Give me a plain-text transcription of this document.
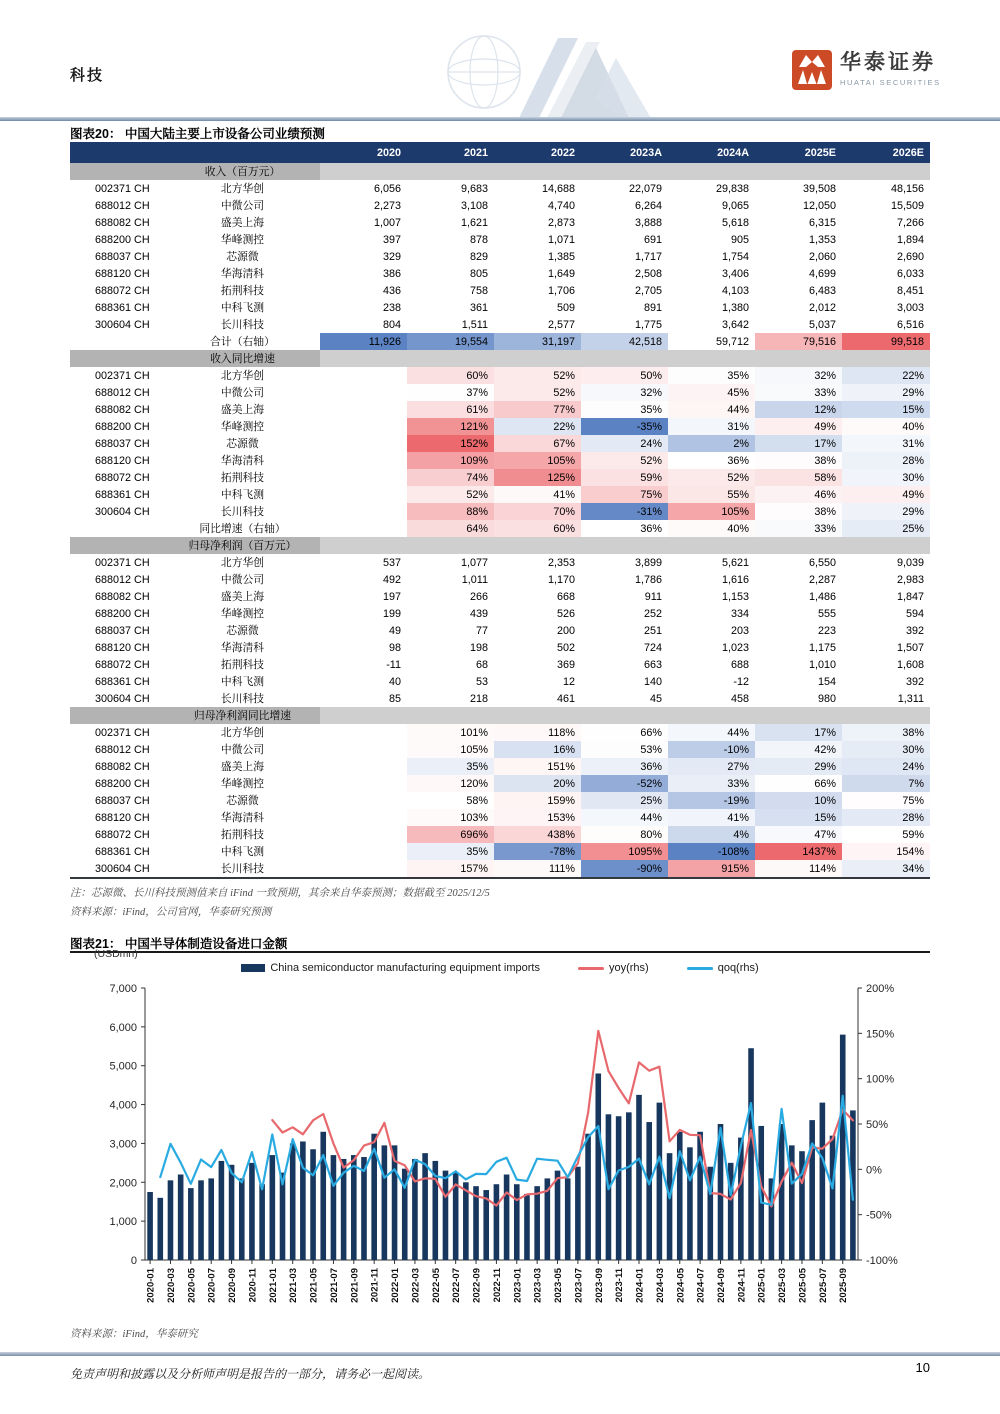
科技
华泰证券
HUATAI SECURITIES
图表20： 中国大陆主要上市设备公司业绩预测
		2020	2021	2022	2023A	2024A	2025E	2026E
	收入（百万元）							
002371 CH	北方华创	6,056	9,683	14,688	22,079	29,838	39,508	48,156
688012 CH	中微公司	2,273	3,108	4,740	6,264	9,065	12,050	15,509
688082 CH	盛美上海	1,007	1,621	2,873	3,888	5,618	6,315	7,266
688200 CH	华峰测控	397	878	1,071	691	905	1,353	1,894
688037 CH	芯源微	329	829	1,385	1,717	1,754	2,060	2,690
688120 CH	华海清科	386	805	1,649	2,508	3,406	4,699	6,033
688072 CH	拓荆科技	436	758	1,706	2,705	4,103	6,483	8,451
688361 CH	中科飞测	238	361	509	891	1,380	2,012	3,003
300604 CH	长川科技	804	1,511	2,577	1,775	3,642	5,037	6,516
	合计（右轴）	11,926	19,554	31,197	42,518	59,712	79,516	99,518
	收入同比增速							
002371 CH	北方华创		60%	52%	50%	35%	32%	22%
688012 CH	中微公司		37%	52%	32%	45%	33%	29%
688082 CH	盛美上海		61%	77%	35%	44%	12%	15%
688200 CH	华峰测控		121%	22%	-35%	31%	49%	40%
688037 CH	芯源微		152%	67%	24%	2%	17%	31%
688120 CH	华海清科		109%	105%	52%	36%	38%	28%
688072 CH	拓荆科技		74%	125%	59%	52%	58%	30%
688361 CH	中科飞测		52%	41%	75%	55%	46%	49%
300604 CH	长川科技		88%	70%	-31%	105%	38%	29%
	同比增速（右轴）		64%	60%	36%	40%	33%	25%
	归母净利润（百万元）							
002371 CH	北方华创	537	1,077	2,353	3,899	5,621	6,550	9,039
688012 CH	中微公司	492	1,011	1,170	1,786	1,616	2,287	2,983
688082 CH	盛美上海	197	266	668	911	1,153	1,486	1,847
688200 CH	华峰测控	199	439	526	252	334	555	594
688037 CH	芯源微	49	77	200	251	203	223	392
688120 CH	华海清科	98	198	502	724	1,023	1,175	1,507
688072 CH	拓荆科技	-11	68	369	663	688	1,010	1,608
688361 CH	中科飞测	40	53	12	140	-12	154	392
300604 CH	长川科技	85	218	461	45	458	980	1,311
	归母净利润同比增速							
002371 CH	北方华创		101%	118%	66%	44%	17%	38%
688012 CH	中微公司		105%	16%	53%	-10%	42%	30%
688082 CH	盛美上海		35%	151%	36%	27%	29%	24%
688200 CH	华峰测控		120%	20%	-52%	33%	66%	7%
688037 CH	芯源微		58%	159%	25%	-19%	10%	75%
688120 CH	华海清科		103%	153%	44%	41%	15%	28%
688072 CH	拓荆科技		696%	438%	80%	4%	47%	59%
688361 CH	中科飞测		35%	-78%	1095%	-108%	1437%	154%
300604 CH	长川科技		157%	111%	-90%	915%	114%	34%
注：芯源微、长川科技预测值来自 iFind 一致预期，其余来自华泰预测；数据截至 2025/12/5
资料来源：iFind，公司官网，华泰研究预测
图表21： 中国半导体制造设备进口金额
(USDmn)
China semiconductor manufacturing equipment imports	yoy(rhs)	qoq(rhs)
0
1,000
2,000
3,000
4,000
5,000
6,000
7,000
-100%
-50%
0%
50%
100%
150%
200%
2020-01 2020-03 2020-05 2020-07 2020-09 2020-11 2021-01 2021-03 2021-05 2021-07 2021-09 2021-11 2022-01 2022-03 2022-05 2022-07 2022-09 2022-11 2023-01 2023-03 2023-05 2023-07 2023-09 2023-11 2024-01 2024-03 2024-05 2024-07 2024-09 2024-11 2025-01 2025-03 2025-05 2025-07 2025-09
资料来源：iFind，华泰研究
免责声明和披露以及分析师声明是报告的一部分，请务必一起阅读。	10
